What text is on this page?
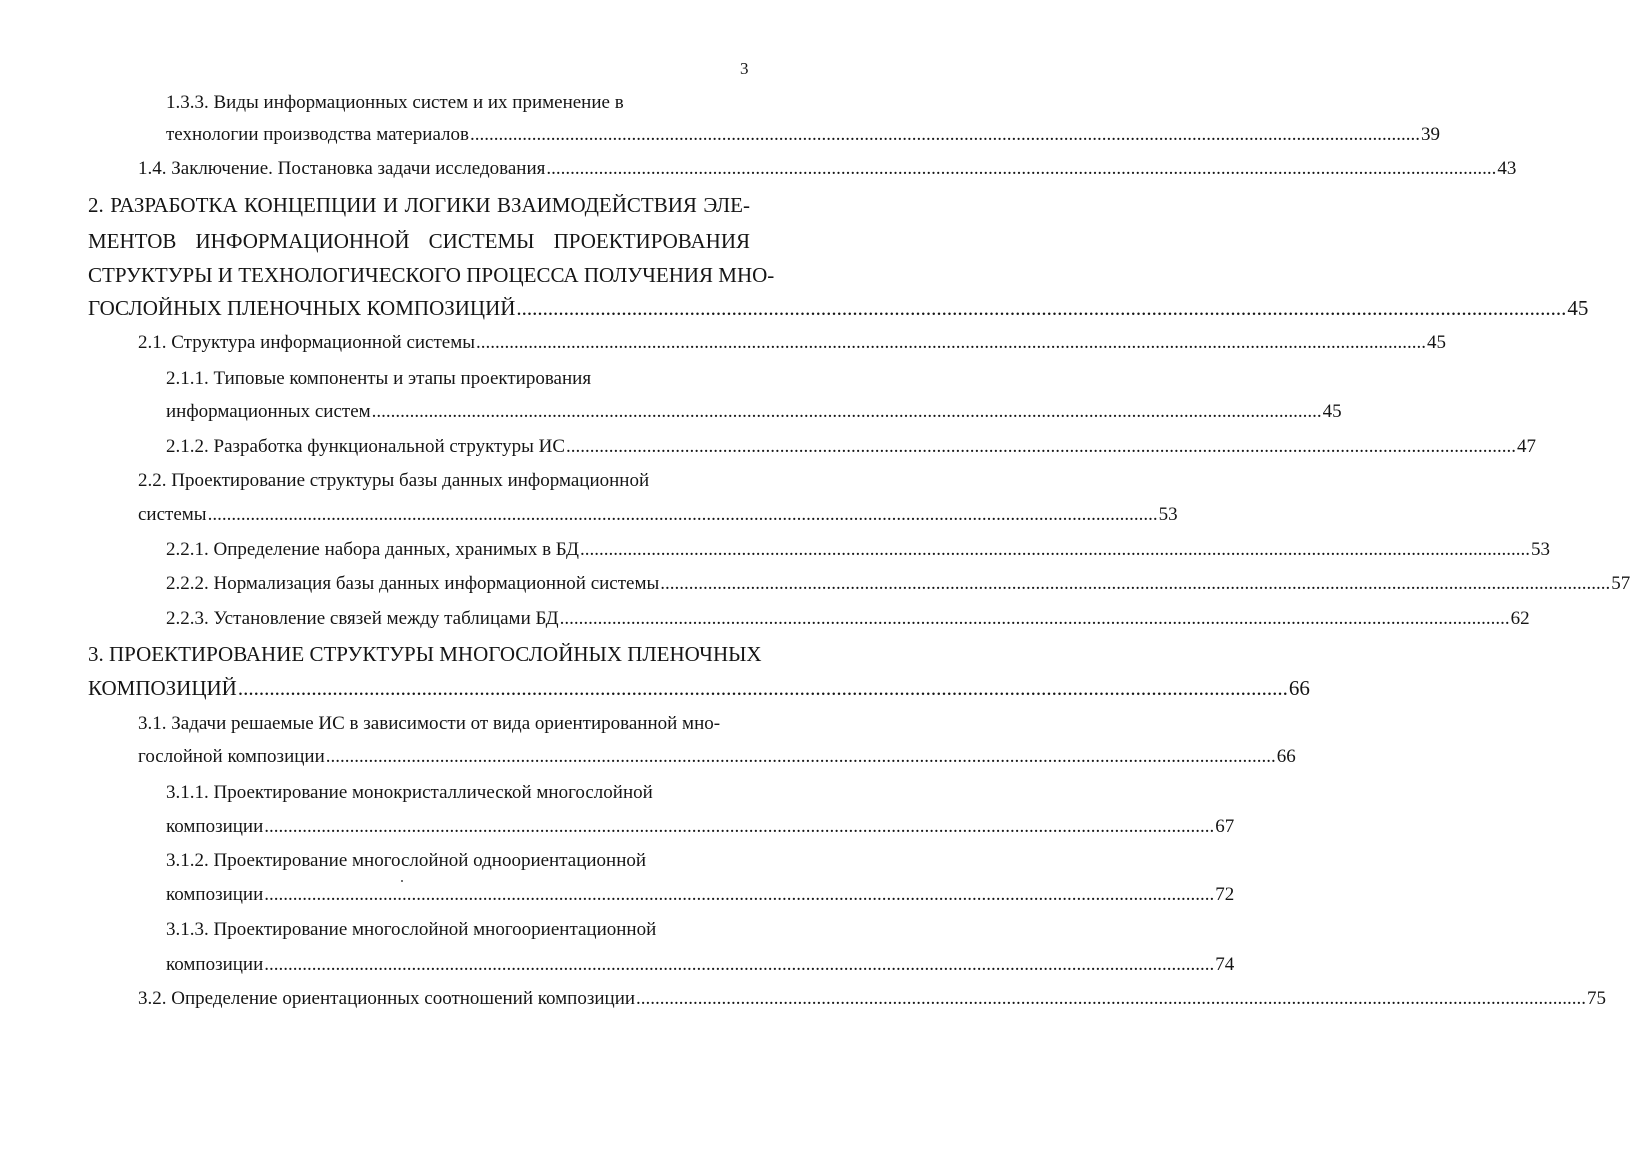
3
1.3.3. Виды информационных систем и их применение в
технологии производства материалов ........................................................................................................................................................................................................ 39
1.4. Заключение. Постановка задачи исследования ........................................................................................................................................................................................................ 43
2. РАЗРАБОТКА КОНЦЕПЦИИ И ЛОГИКИ ВЗАИМОДЕЙСТВИЯ ЭЛЕ-
МЕНТОВ ИНФОРМАЦИОННОЙ СИСТЕМЫ ПРОЕКТИРОВАНИЯ
СТРУКТУРЫ И ТЕХНОЛОГИЧЕСКОГО ПРОЦЕССА ПОЛУЧЕНИЯ МНО-
ГОСЛОЙНЫХ ПЛЕНОЧНЫХ КОМПОЗИЦИЙ ........................................................................................................................................................................................................ 45
2.1. Структура информационной системы ........................................................................................................................................................................................................ 45
2.1.1. Типовые компоненты и этапы проектирования
информационных систем ........................................................................................................................................................................................................ 45
2.1.2. Разработка функциональной структуры ИС ........................................................................................................................................................................................................ 47
2.2. Проектирование структуры базы данных информационной
системы ........................................................................................................................................................................................................ 53
2.2.1. Определение набора данных, хранимых в БД ........................................................................................................................................................................................................ 53
2.2.2. Нормализация базы данных информационной системы ........................................................................................................................................................................................................ 57
2.2.3. Установление связей между таблицами БД ........................................................................................................................................................................................................ 62
3. ПРОЕКТИРОВАНИЕ СТРУКТУРЫ МНОГОСЛОЙНЫХ ПЛЕНОЧНЫХ
КОМПОЗИЦИЙ ........................................................................................................................................................................................................ 66
3.1. Задачи решаемые ИС в зависимости от вида ориентированной мно-
гослойной композиции ........................................................................................................................................................................................................ 66
3.1.1. Проектирование монокристаллической многослойной
композиции ........................................................................................................................................................................................................ 67
3.1.2. Проектирование многослойной одноориентационной
композиции ........................................................................................................................................................................................................ 72
3.1.3. Проектирование многослойной многоориентационной
композиции ........................................................................................................................................................................................................ 74
3.2. Определение ориентационных соотношений композиции ........................................................................................................................................................................................................ 75
